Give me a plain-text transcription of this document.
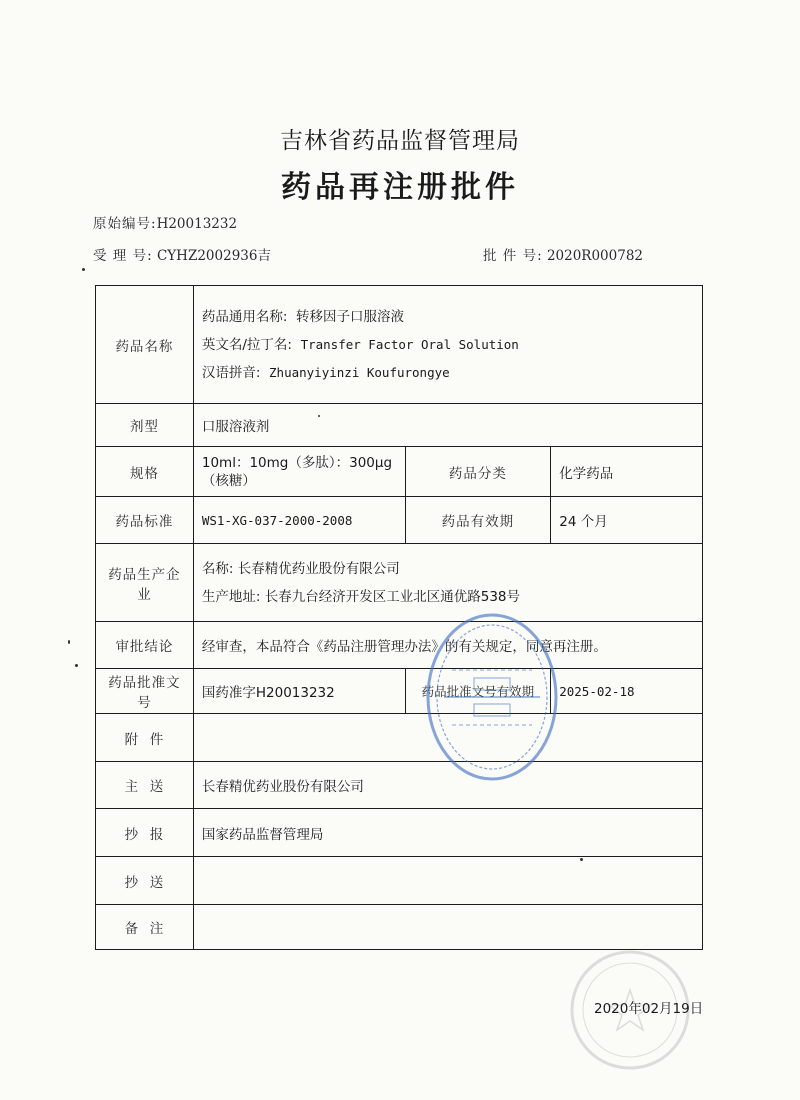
吉林省药品监督管理局
药品再注册批件
原始编号:H20013232
受 理 号: CYHZ2002936吉	批 件 号: 2020R000782
药品名称	药品通用名称: 转移因子口服溶液
英文名/拉丁名: Transfer Factor Oral Solution
汉语拼音: Zhuanyiyinzi Koufurongye		

剂型	口服溶液剂		
规格	10ml：10mg（多肽）：300μg（核糖）	药品分类	化学药品
药品标准	WS1-XG-037-2000-2008	药品有效期	24 个月
药品生产企业	名称: 长春精优药业股份有限公司
生产地址: 长春九台经济开发区工业北区通优路538号		

审批结论	经审查，本品符合《药品注册管理办法》的有关规定，同意再注册。		
药品批准文号	国药准字H20013232	药品批准文号有效期	2025-02-18
附  件			
主  送	长春精优药业股份有限公司		
抄  报	国家药品监督管理局		
抄  送			
备  注			
2020年02月19日
